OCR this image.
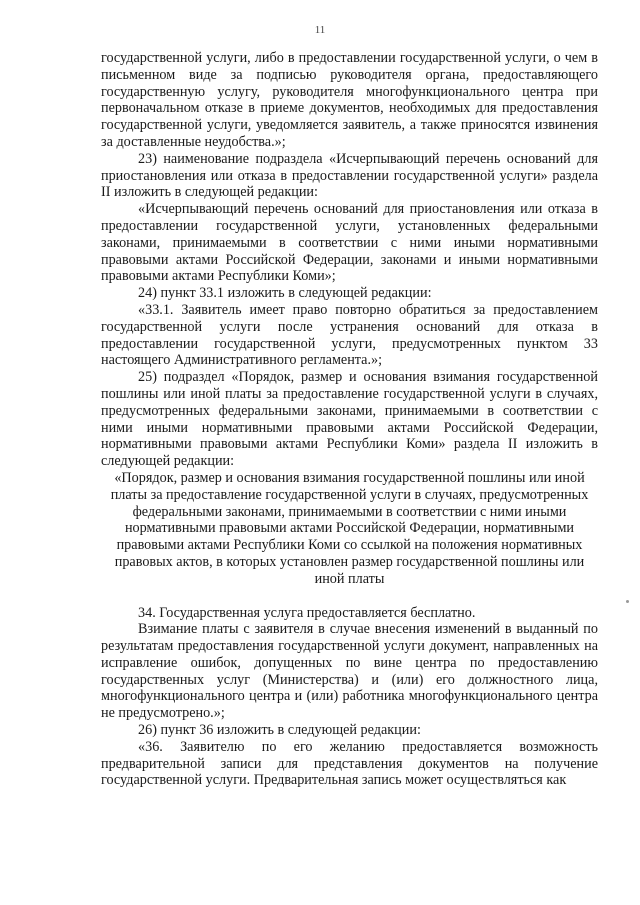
11

государственной услуги, либо в предоставлении государственной услуги, о чем в письменном виде за подписью руководителя органа, предоставляющего государственную услугу, руководителя многофункционального центра при первоначальном отказе в приеме документов, необходимых для предоставления государственной услуги, уведомляется заявитель, а также приносятся извинения за доставленные неудобства.»;

23) наименование подраздела «Исчерпывающий перечень оснований для приостановления или отказа в предоставлении государственной услуги» раздела II изложить в следующей редакции:

«Исчерпывающий перечень оснований для приостановления или отказа в предоставлении государственной услуги, установленных федеральными законами, принимаемыми в соответствии с ними иными нормативными правовыми актами Российской Федерации, законами и иными нормативными правовыми актами Республики Коми»;

24) пункт 33.1 изложить в следующей редакции:

«33.1. Заявитель имеет право повторно обратиться за предоставлением государственной услуги после устранения оснований для отказа в предоставлении государственной услуги, предусмотренных пунктом 33 настоящего Административного регламента.»;

25) подраздел «Порядок, размер и основания взимания государственной пошлины или иной платы за предоставление государственной услуги в случаях, предусмотренных федеральными законами, принимаемыми в соответствии с ними иными нормативными правовыми актами Российской Федерации, нормативными правовыми актами Республики Коми» раздела II изложить в следующей редакции:

«Порядок, размер и основания взимания государственной пошлины или иной платы за предоставление государственной услуги в случаях, предусмотренных федеральными законами, принимаемыми в соответствии с ними иными нормативными правовыми актами Российской Федерации, нормативными правовыми актами Республики Коми со ссылкой на положения нормативных правовых актов, в которых установлен размер государственной пошлины или иной платы

34. Государственная услуга предоставляется бесплатно.

Взимание платы с заявителя в случае внесения изменений в выданный по результатам предоставления государственной услуги документ, направленных на исправление ошибок, допущенных по вине центра по предоставлению государственных услуг (Министерства) и (или) его должностного лица, многофункционального центра и (или) работника многофункционального центра не предусмотрено.»;

26) пункт 36 изложить в следующей редакции:

«36. Заявителю по его желанию предоставляется возможность предварительной записи для представления документов на получение государственной услуги. Предварительная запись может осуществляться как
